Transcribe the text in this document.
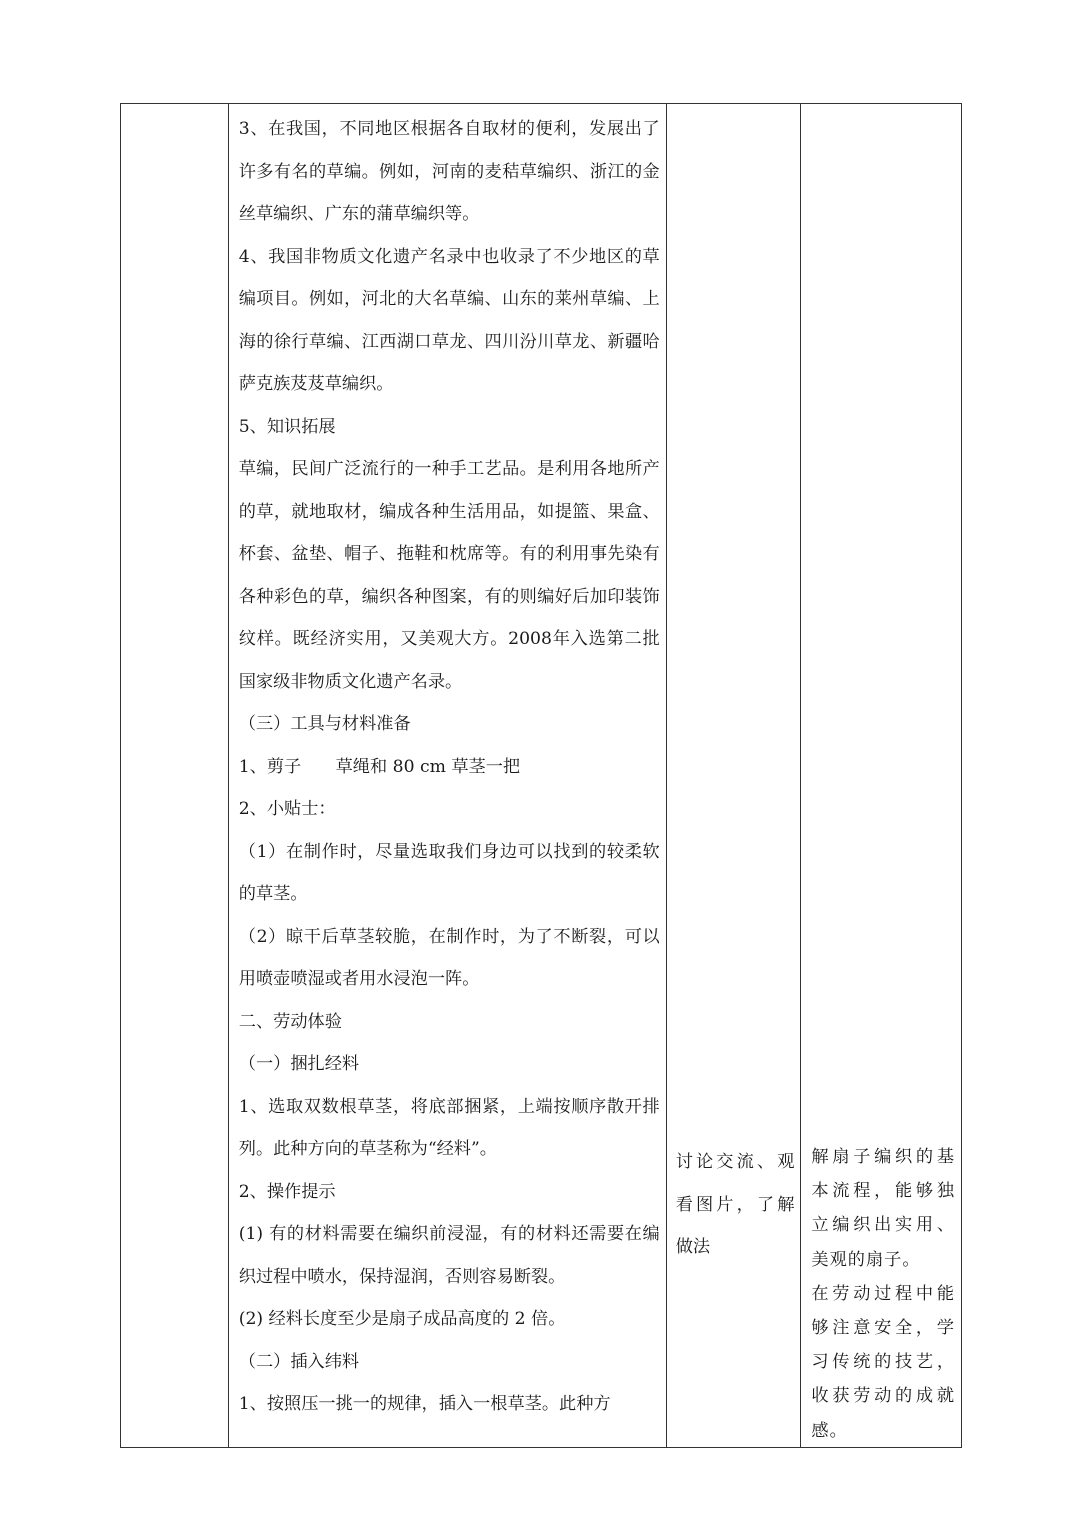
3、在我国，不同地区根据各自取材的便利，发展出了许多有名的草编。例如，河南的麦秸草编织、浙江的金丝草编织、广东的蒲草编织等。

4、我国非物质文化遗产名录中也收录了不少地区的草编项目。例如，河北的大名草编、山东的莱州草编、上海的徐行草编、江西湖口草龙、四川汾川草龙、新疆哈萨克族芨芨草编织。

5、知识拓展

草编，民间广泛流行的一种手工艺品。是利用各地所产的草，就地取材，编成各种生活用品，如提篮、果盒、杯套、盆垫、帽子、拖鞋和枕席等。有的利用事先染有各种彩色的草，编织各种图案，有的则编好后加印装饰纹样。既经济实用，又美观大方。2008年入选第二批国家级非物质文化遗产名录。

（三）工具与材料准备

1、剪子　　草绳和 80 cm 草茎一把

2、小贴士：

（1）在制作时，尽量选取我们身边可以找到的较柔软的草茎。

（2）晾干后草茎较脆，在制作时，为了不断裂，可以用喷壶喷湿或者用水浸泡一阵。

二、劳动体验

（一）捆扎经料

1、选取双数根草茎，将底部捆紧，上端按顺序散开排列。此种方向的草茎称为“经料”。

2、操作提示

(1) 有的材料需要在编织前浸湿，有的材料还需要在编织过程中喷水，保持湿润，否则容易断裂。

(2) 经料长度至少是扇子成品高度的 2 倍。

（二）插入纬料

1、按照压一挑一的规律，插入一根草茎。此种方

讨论交流、观看图片，了解做法

解扇子编织的基本流程，能够独立编织出实用、美观的扇子。

在劳动过程中能够注意安全，学习传统的技艺，收获劳动的成就感。
